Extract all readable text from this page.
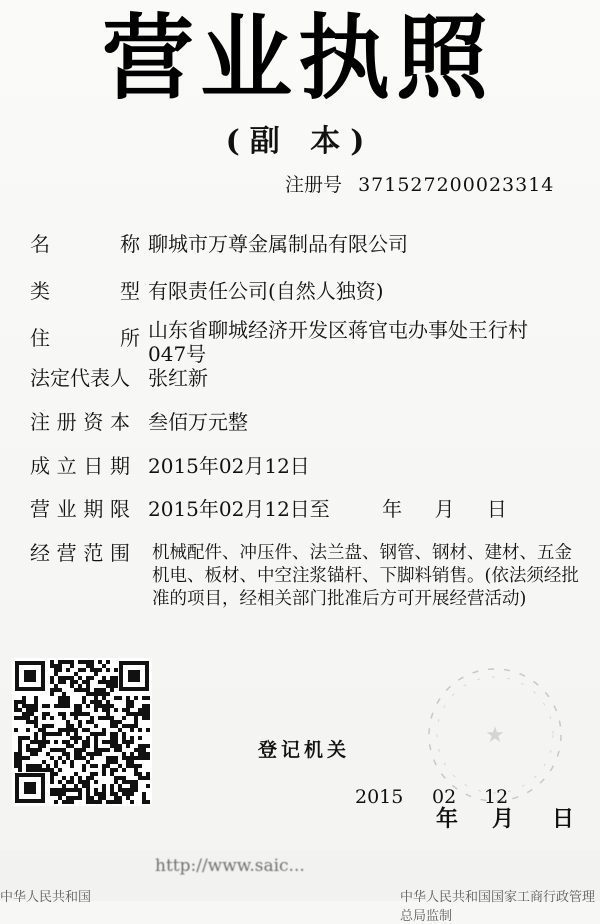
营业执照
(副 本)
注册号 371527200023314
名	称 聊城市万尊金属制品有限公司
类	型 有限责任公司(自然人独资)
住	所 山东省聊城经济开发区蒋官屯办事处王行村047号
法定代表人 张红新
注 册 资 本 叁佰万元整
成 立 日 期 2015年02月12日
营 业 期 限 2015年02月12日至	年 月 日
经 营 范 围 机械配件、冲压件、法兰盘、钢管、钢材、建材、五金机电、板材、中空注浆锚杆、下脚料销售。(依法须经批准的项目，经相关部门批准后方可开展经营活动)
★
登记机关
2015 02 12
年 月 日
http://www.saic...
中华人民共和国	中华人民共和国国家工商行政管理总局监制
